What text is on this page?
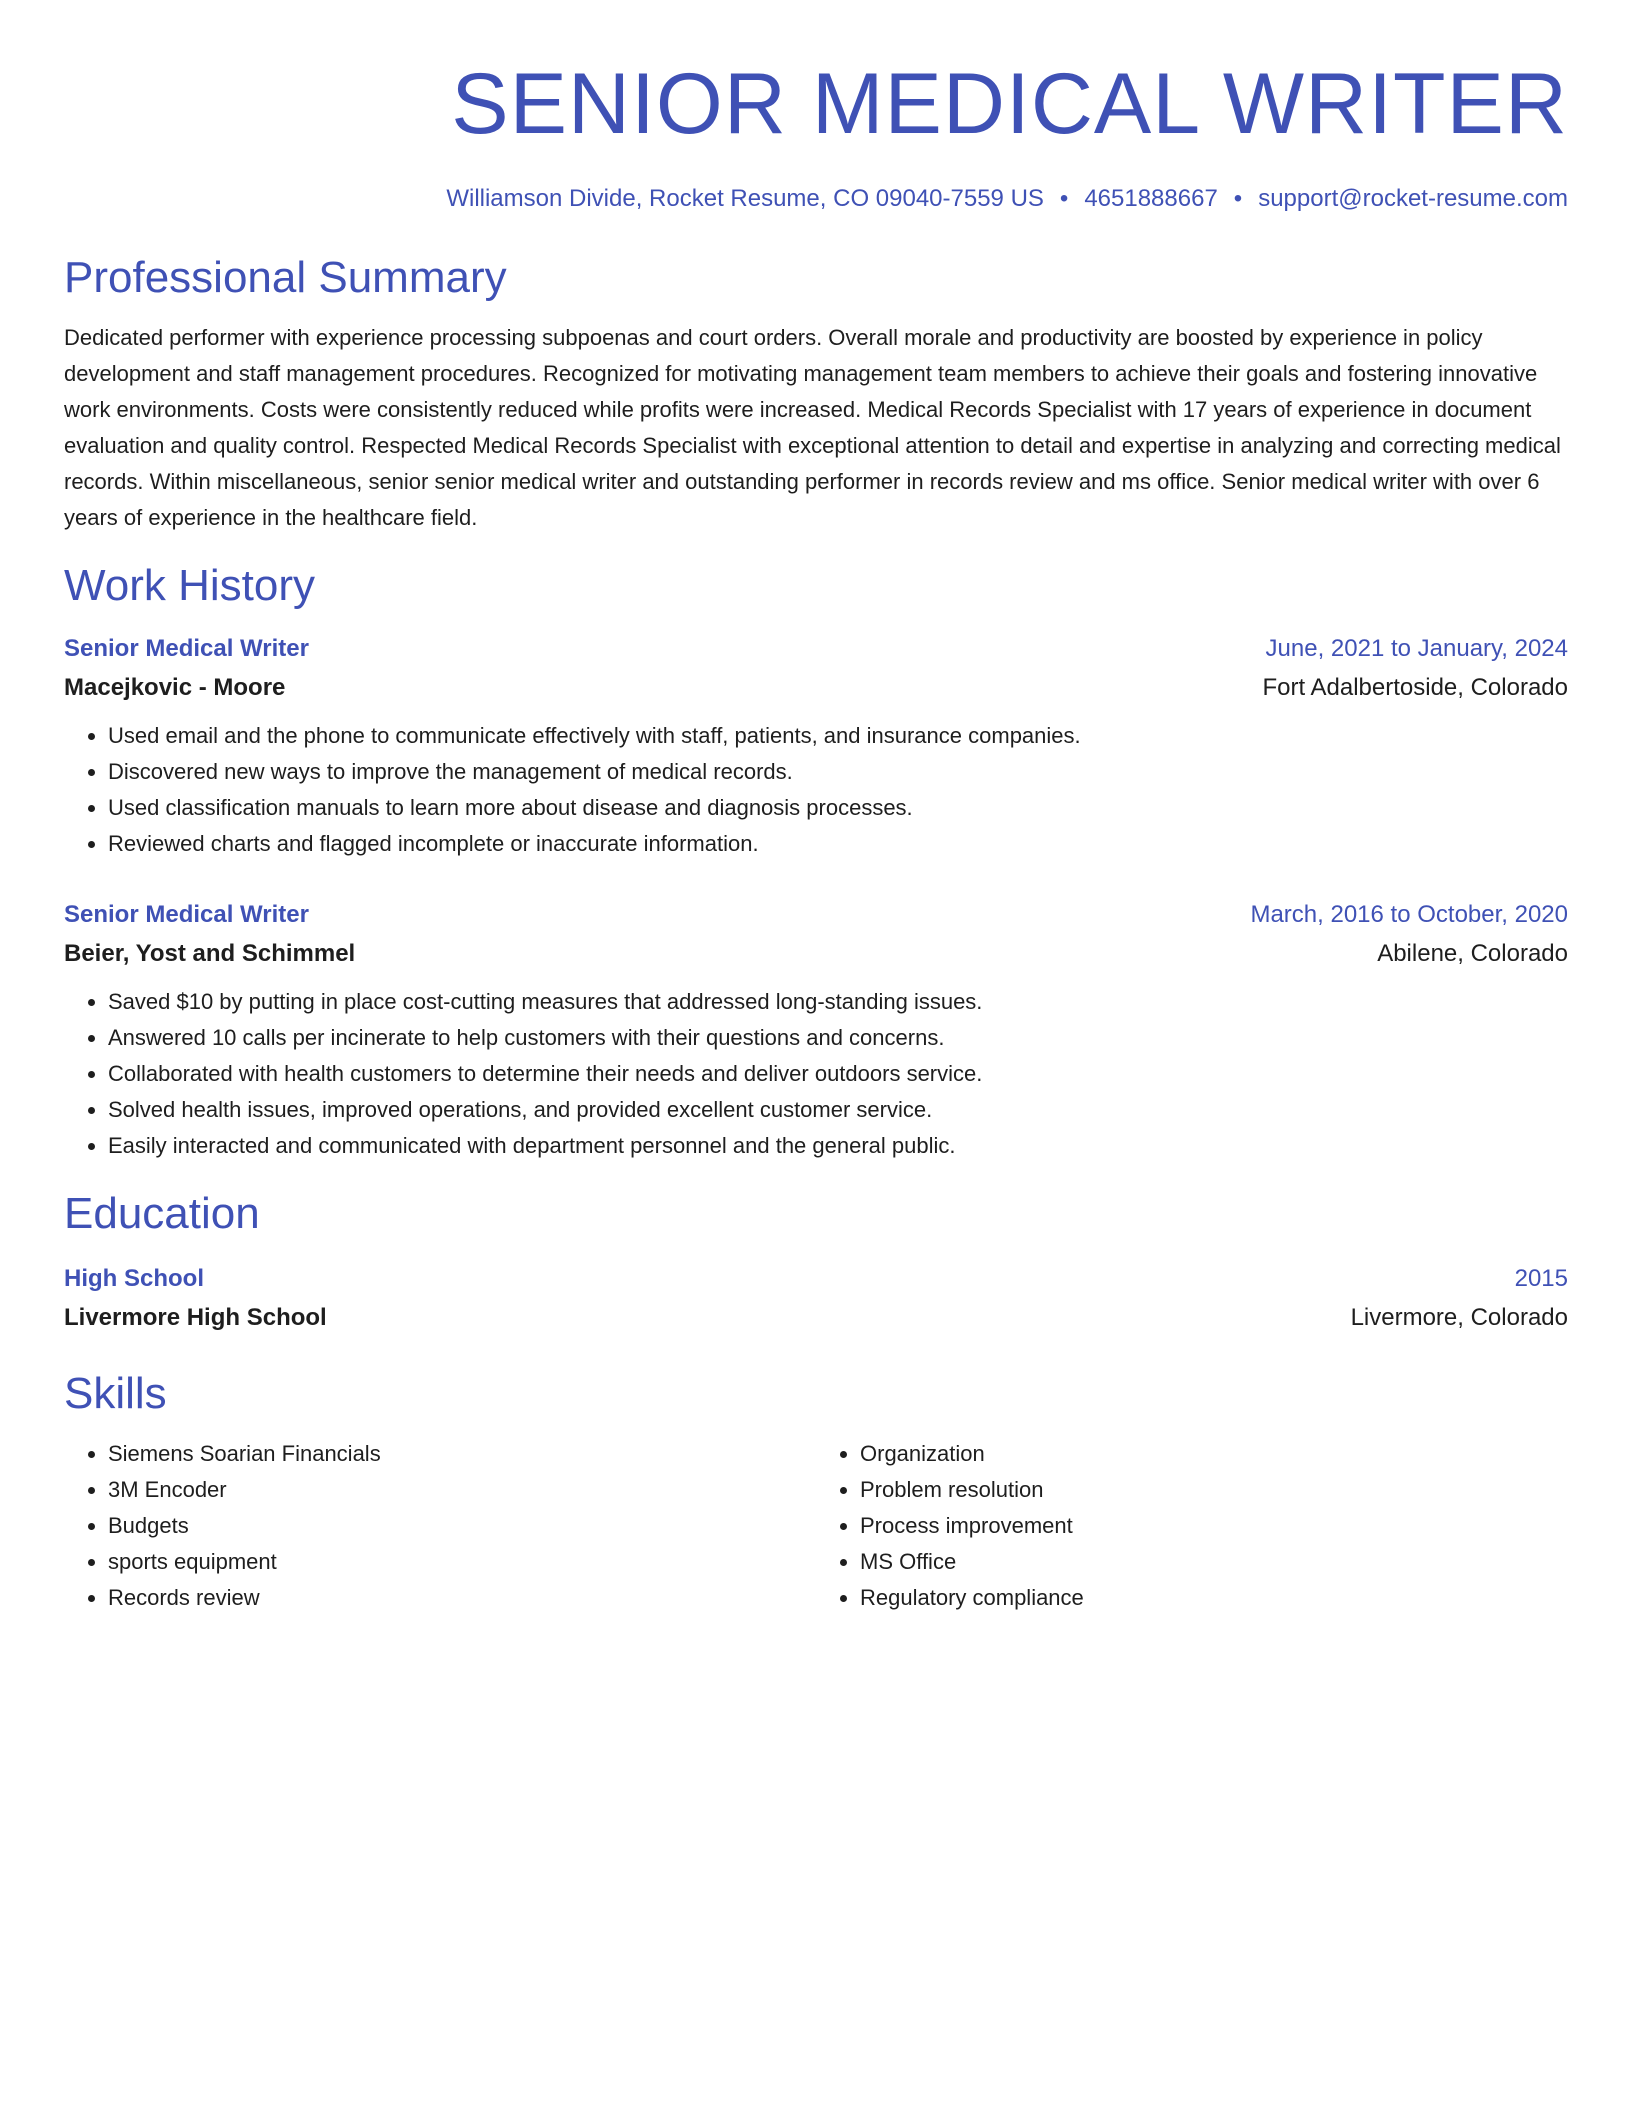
SENIOR MEDICAL WRITER
Williamson Divide, Rocket Resume, CO 09040-7559 US • 4651888667 • support@rocket-resume.com
Professional Summary
Dedicated performer with experience processing subpoenas and court orders. Overall morale and productivity are boosted by experience in policy development and staff management procedures. Recognized for motivating management team members to achieve their goals and fostering innovative work environments. Costs were consistently reduced while profits were increased. Medical Records Specialist with 17 years of experience in document evaluation and quality control. Respected Medical Records Specialist with exceptional attention to detail and expertise in analyzing and correcting medical records. Within miscellaneous, senior senior medical writer and outstanding performer in records review and ms office. Senior medical writer with over 6 years of experience in the healthcare field.
Work History
Senior Medical Writer	June, 2021 to January, 2024
Macejkovic - Moore	Fort Adalbertoside, Colorado
• Used email and the phone to communicate effectively with staff, patients, and insurance companies.
• Discovered new ways to improve the management of medical records.
• Used classification manuals to learn more about disease and diagnosis processes.
• Reviewed charts and flagged incomplete or inaccurate information.
Senior Medical Writer	March, 2016 to October, 2020
Beier, Yost and Schimmel	Abilene, Colorado
• Saved $10 by putting in place cost-cutting measures that addressed long-standing issues.
• Answered 10 calls per incinerate to help customers with their questions and concerns.
• Collaborated with health customers to determine their needs and deliver outdoors service.
• Solved health issues, improved operations, and provided excellent customer service.
• Easily interacted and communicated with department personnel and the general public.
Education
High School	2015
Livermore High School	Livermore, Colorado
Skills
• Siemens Soarian Financials
• 3M Encoder
• Budgets
• sports equipment
• Records review
• Organization
• Problem resolution
• Process improvement
• MS Office
• Regulatory compliance
